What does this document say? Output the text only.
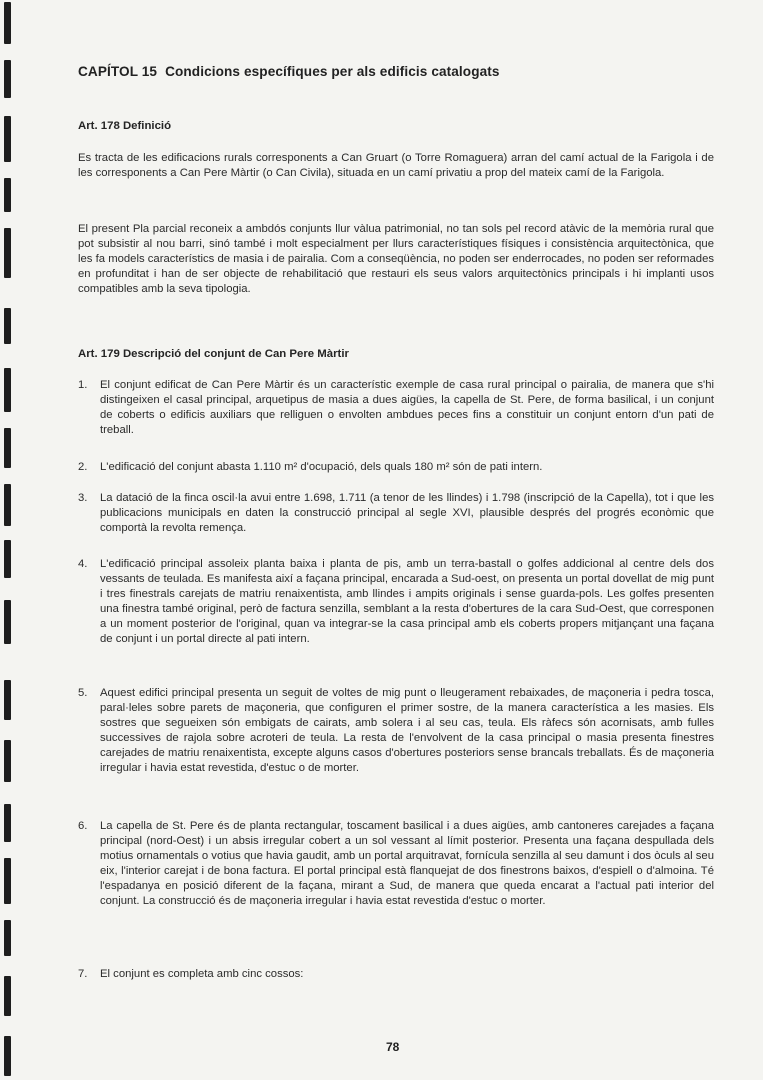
CAPÍTOL 15 Condicions específiques per als edificis catalogats
Art. 178 Definició

Es tracta de les edificacions rurals corresponents a Can Gruart (o Torre Romaguera) arran del camí actual de la Farigola i de les corresponents a Can Pere Màrtir (o Can Civila), situada en un camí privatiu a prop del mateix camí de la Farigola.

El present Pla parcial reconeix a ambdós conjunts llur vàlua patrimonial, no tan sols pel record atàvic de la memòria rural que pot subsistir al nou barri, sinó també i molt especialment per llurs característiques físiques i consistència arquitectònica, que les fa models característics de masia i de pairalia. Com a conseqüència, no poden ser enderrocades, no poden ser reformades en profunditat i han de ser objecte de rehabilitació que restauri els seus valors arquitectònics principals i hi implanti usos compatibles amb la seva tipologia.

Art. 179 Descripció del conjunt de Can Pere Màrtir
1. El conjunt edificat de Can Pere Màrtir és un característic exemple de casa rural principal o pairalia, de manera que s'hi distingeixen el casal principal, arquetipus de masia a dues aigües, la capella de St. Pere, de forma basilical, i un conjunt de coberts o edificis auxiliars que relliguen o envolten ambdues peces fins a constituir un conjunt entorn d'un pati de treball.

2. L'edificació del conjunt abasta 1.110 m² d'ocupació, dels quals 180 m² són de pati intern.

3. La datació de la finca oscil·la avui entre 1.698, 1.711 (a tenor de les llindes) i 1.798 (inscripció de la Capella), tot i que les publicacions municipals en daten la construcció principal al segle XVI, plausible després del progrés econòmic que comportà la revolta remença.

4. L'edificació principal assoleix planta baixa i planta de pis, amb un terra-bastall o golfes addicional al centre dels dos vessants de teulada. Es manifesta així a façana principal, encarada a Sud-oest, on presenta un portal dovellat de mig punt i tres finestrals carejats de matriu renaixentista, amb llindes i ampits originals i sense guarda-pols. Les golfes presenten una finestra també original, però de factura senzilla, semblant a la resta d'obertures de la cara Sud-Oest, que corresponen a un moment posterior de l'original, quan va integrar-se la casa principal amb els coberts propers mitjançant una façana de conjunt i un portal directe al pati intern.

5. Aquest edifici principal presenta un seguit de voltes de mig punt o lleugerament rebaixades, de maçoneria i pedra tosca, paral·leles sobre parets de maçoneria, que configuren el primer sostre, de la manera característica a les masies. Els sostres que segueixen són embigats de cairats, amb solera i al seu cas, teula. Els ràfecs són acornisats, amb fulles successives de rajola sobre acroteri de teula. La resta de l'envolvent de la casa principal o masia presenta finestres carejades de matriu renaixentista, excepte alguns casos d'obertures posteriors sense brancals treballats. És de maçoneria irregular i havia estat revestida, d'estuc o de morter.

6. La capella de St. Pere és de planta rectangular, toscament basilical i a dues aigües, amb cantoneres carejades a façana principal (nord-Oest) i un absis irregular cobert a un sol vessant al límit posterior. Presenta una façana despullada dels motius ornamentals o votius que havia gaudit, amb un portal arquitravat, fornícula senzilla al seu damunt i dos òculs al seu eix, l'interior carejat i de bona factura. El portal principal està flanquejat de dos finestrons baixos, d'espiell o d'almoina. Té l'espadanya en posició diferent de la façana, mirant a Sud, de manera que queda encarat a l'actual pati interior del conjunt. La construcció és de maçoneria irregular i havia estat revestida d'estuc o morter.

7. El conjunt es completa amb cinc cossos:

78
